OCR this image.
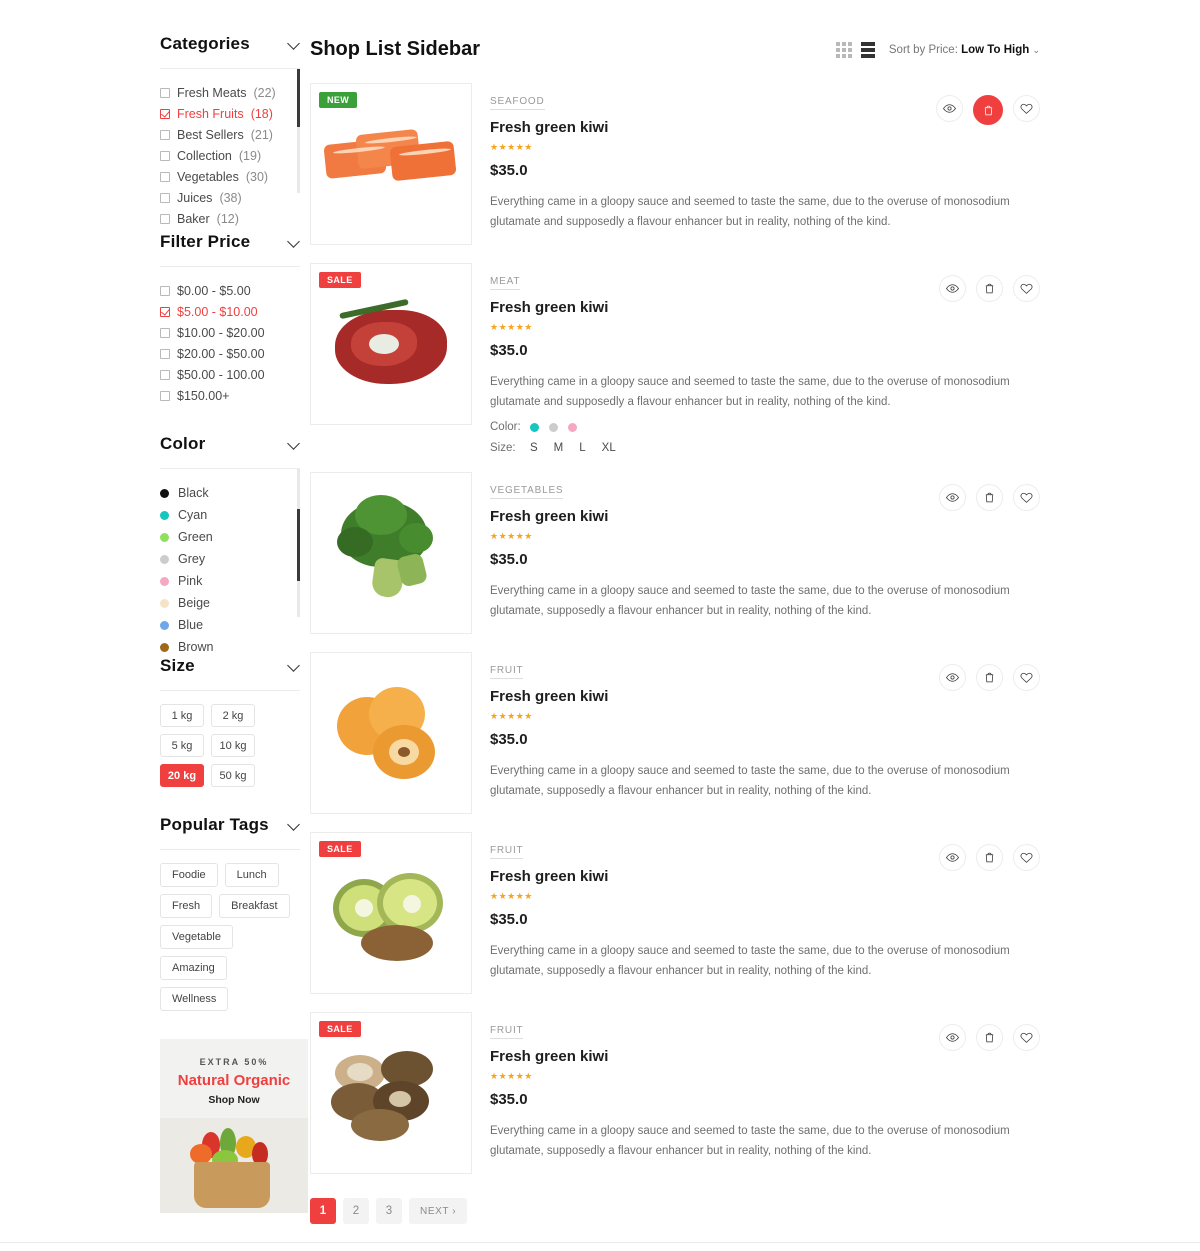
Categories
Fresh Meats (22)
Fresh Fruits (18)
Best Sellers (21)
Collection (19)
Vegetables (30)
Juices (38)
Baker (12)
Filter Price
$0.00 - $5.00
$5.00 - $10.00
$10.00 - $20.00
$20.00 - $50.00
$50.00 - 100.00
$150.00+
Color
Black
Cyan
Green
Grey
Pink
Beige
Blue
Brown
Size
1 kg	2 kg
5 kg	10 kg
20 kg	50 kg
Popular Tags
Foodie	Lunch
Fresh	Breakfast
Vegetable
Amazing
Wellness
EXTRA 50%
Natural Organic
Shop Now
Shop List Sidebar	Sort by Price: Low To High ⌄
NEW	SEAFOOD
Fresh green kiwi
★★★★★
$35.0
Everything came in a gloopy sauce and seemed to taste the same, due to the overuse of monosodium glutamate and supposedly a flavour enhancer but in reality, nothing of the kind.
SALE	MEAT
Fresh green kiwi
★★★★★
$35.0
Everything came in a gloopy sauce and seemed to taste the same, due to the overuse of monosodium glutamate and supposedly a flavour enhancer but in reality, nothing of the kind.
Color:
Size:	S M L XL
VEGETABLES
Fresh green kiwi
★★★★★
$35.0
Everything came in a gloopy sauce and seemed to taste the same, due to the overuse of monosodium glutamate, supposedly a flavour enhancer but in reality, nothing of the kind.
FRUIT
Fresh green kiwi
★★★★★
$35.0
Everything came in a gloopy sauce and seemed to taste the same, due to the overuse of monosodium glutamate, supposedly a flavour enhancer but in reality, nothing of the kind.
SALE	FRUIT
Fresh green kiwi
★★★★★
$35.0
Everything came in a gloopy sauce and seemed to taste the same, due to the overuse of monosodium glutamate, supposedly a flavour enhancer but in reality, nothing of the kind.
SALE	FRUIT
Fresh green kiwi
★★★★★
$35.0
Everything came in a gloopy sauce and seemed to taste the same, due to the overuse of monosodium glutamate, supposedly a flavour enhancer but in reality, nothing of the kind.
1	2	3	NEXT ›
